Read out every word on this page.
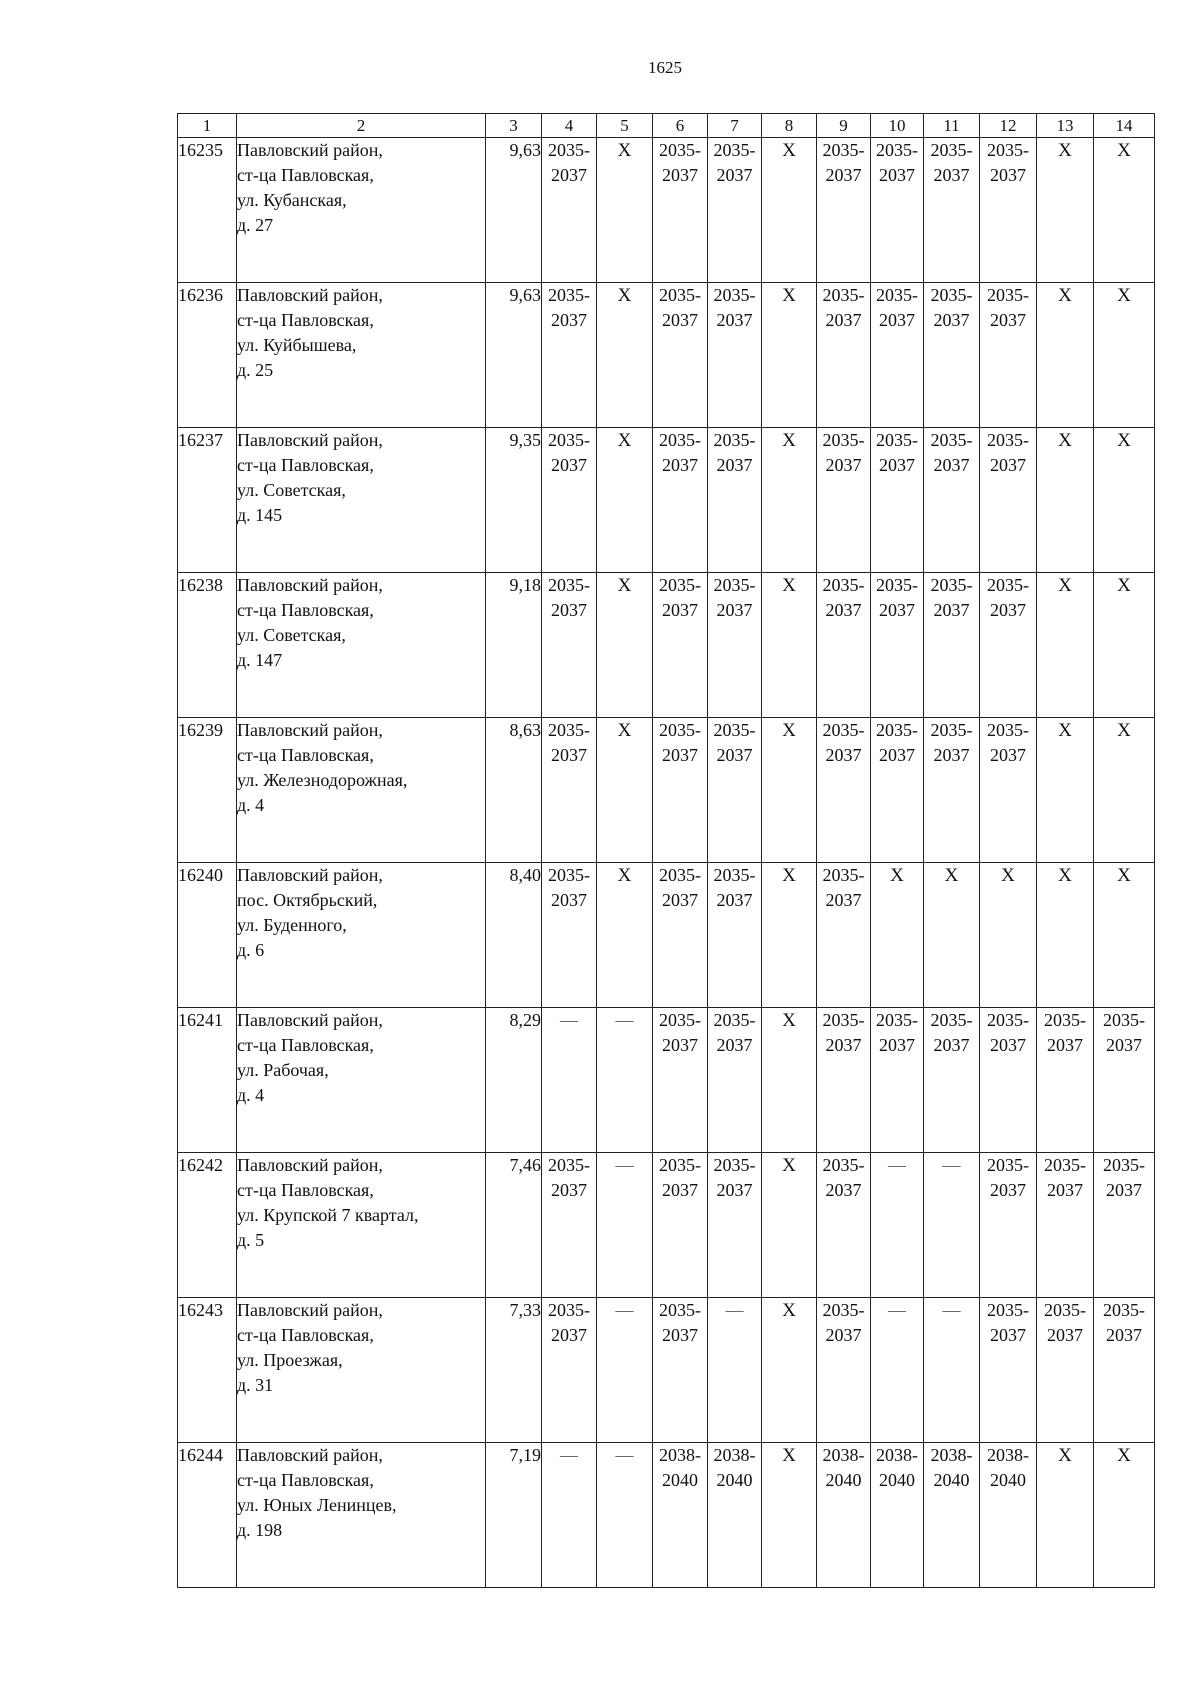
1625
1	2	3	4	5	6	7	8	9	10	11	12	13	14
16235	Павловский район,
ст-ца Павловская,
ул. Кубанская,
д. 27	9,63	2035-
2037	X	2035-
2037	2035-
2037	X	2035-
2037	2035-
2037	2035-
2037	2035-
2037	X	X
16236	Павловский район,
ст-ца Павловская,
ул. Куйбышева,
д. 25	9,63	2035-
2037	X	2035-
2037	2035-
2037	X	2035-
2037	2035-
2037	2035-
2037	2035-
2037	X	X
16237	Павловский район,
ст-ца Павловская,
ул. Советская,
д. 145	9,35	2035-
2037	X	2035-
2037	2035-
2037	X	2035-
2037	2035-
2037	2035-
2037	2035-
2037	X	X
16238	Павловский район,
ст-ца Павловская,
ул. Советская,
д. 147	9,18	2035-
2037	X	2035-
2037	2035-
2037	X	2035-
2037	2035-
2037	2035-
2037	2035-
2037	X	X
16239	Павловский район,
ст-ца Павловская,
ул. Железнодорожная,
д. 4	8,63	2035-
2037	X	2035-
2037	2035-
2037	X	2035-
2037	2035-
2037	2035-
2037	2035-
2037	X	X
16240	Павловский район,
пос. Октябрьский,
ул. Буденного,
д. 6	8,40	2035-
2037	X	2035-
2037	2035-
2037	X	2035-
2037	X	X	X	X	X
16241	Павловский район,
ст-ца Павловская,
ул. Рабочая,
д. 4	8,29	—	—	2035-
2037	2035-
2037	X	2035-
2037	2035-
2037	2035-
2037	2035-
2037	2035-
2037	2035-
2037
16242	Павловский район,
ст-ца Павловская,
ул. Крупской 7 квартал,
д. 5	7,46	2035-
2037	—	2035-
2037	2035-
2037	X	2035-
2037	—	—	2035-
2037	2035-
2037	2035-
2037
16243	Павловский район,
ст-ца Павловская,
ул. Проезжая,
д. 31	7,33	2035-
2037	—	2035-
2037	—	X	2035-
2037	—	—	2035-
2037	2035-
2037	2035-
2037
16244	Павловский район,
ст-ца Павловская,
ул. Юных Ленинцев,
д. 198	7,19	—	—	2038-
2040	2038-
2040	X	2038-
2040	2038-
2040	2038-
2040	2038-
2040	X	X
